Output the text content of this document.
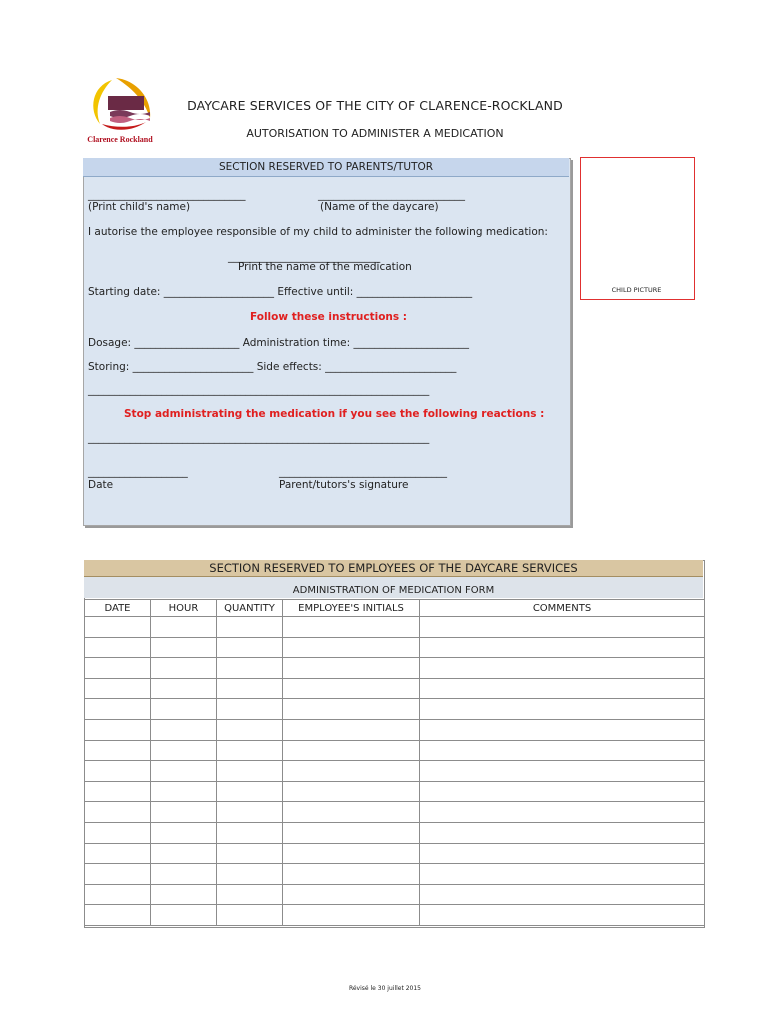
Clarence Rockland
DAYCARE SERVICES OF THE CITY OF CLARENCE-ROCKLAND
AUTORISATION TO ADMINISTER A MEDICATION
SECTION RESERVED TO PARENTS/TUTOR
______________________________	____________________________
(Print child's name)	(Name of the daycare)
I autorise the employee responsible of my child to administer the following medication:
_____________________________
Print the name of the medication
Starting date: _____________________ Effective until: ______________________
Follow these instructions :
Dosage: ____________________ Administration time: ______________________
Storing: _______________________ Side effects: _________________________
_________________________________________________________________
Stop administrating the medication if you see the following reactions :
_________________________________________________________________
___________________	________________________________
Date	Parent/tutors's signature
CHILD PICTURE
SECTION RESERVED TO EMPLOYEES OF THE DAYCARE SERVICES
ADMINISTRATION OF MEDICATION FORM
DATE	HOUR	QUANTITY	EMPLOYEE'S INITIALS	COMMENTS

Révisé le 30 juillet 2015
